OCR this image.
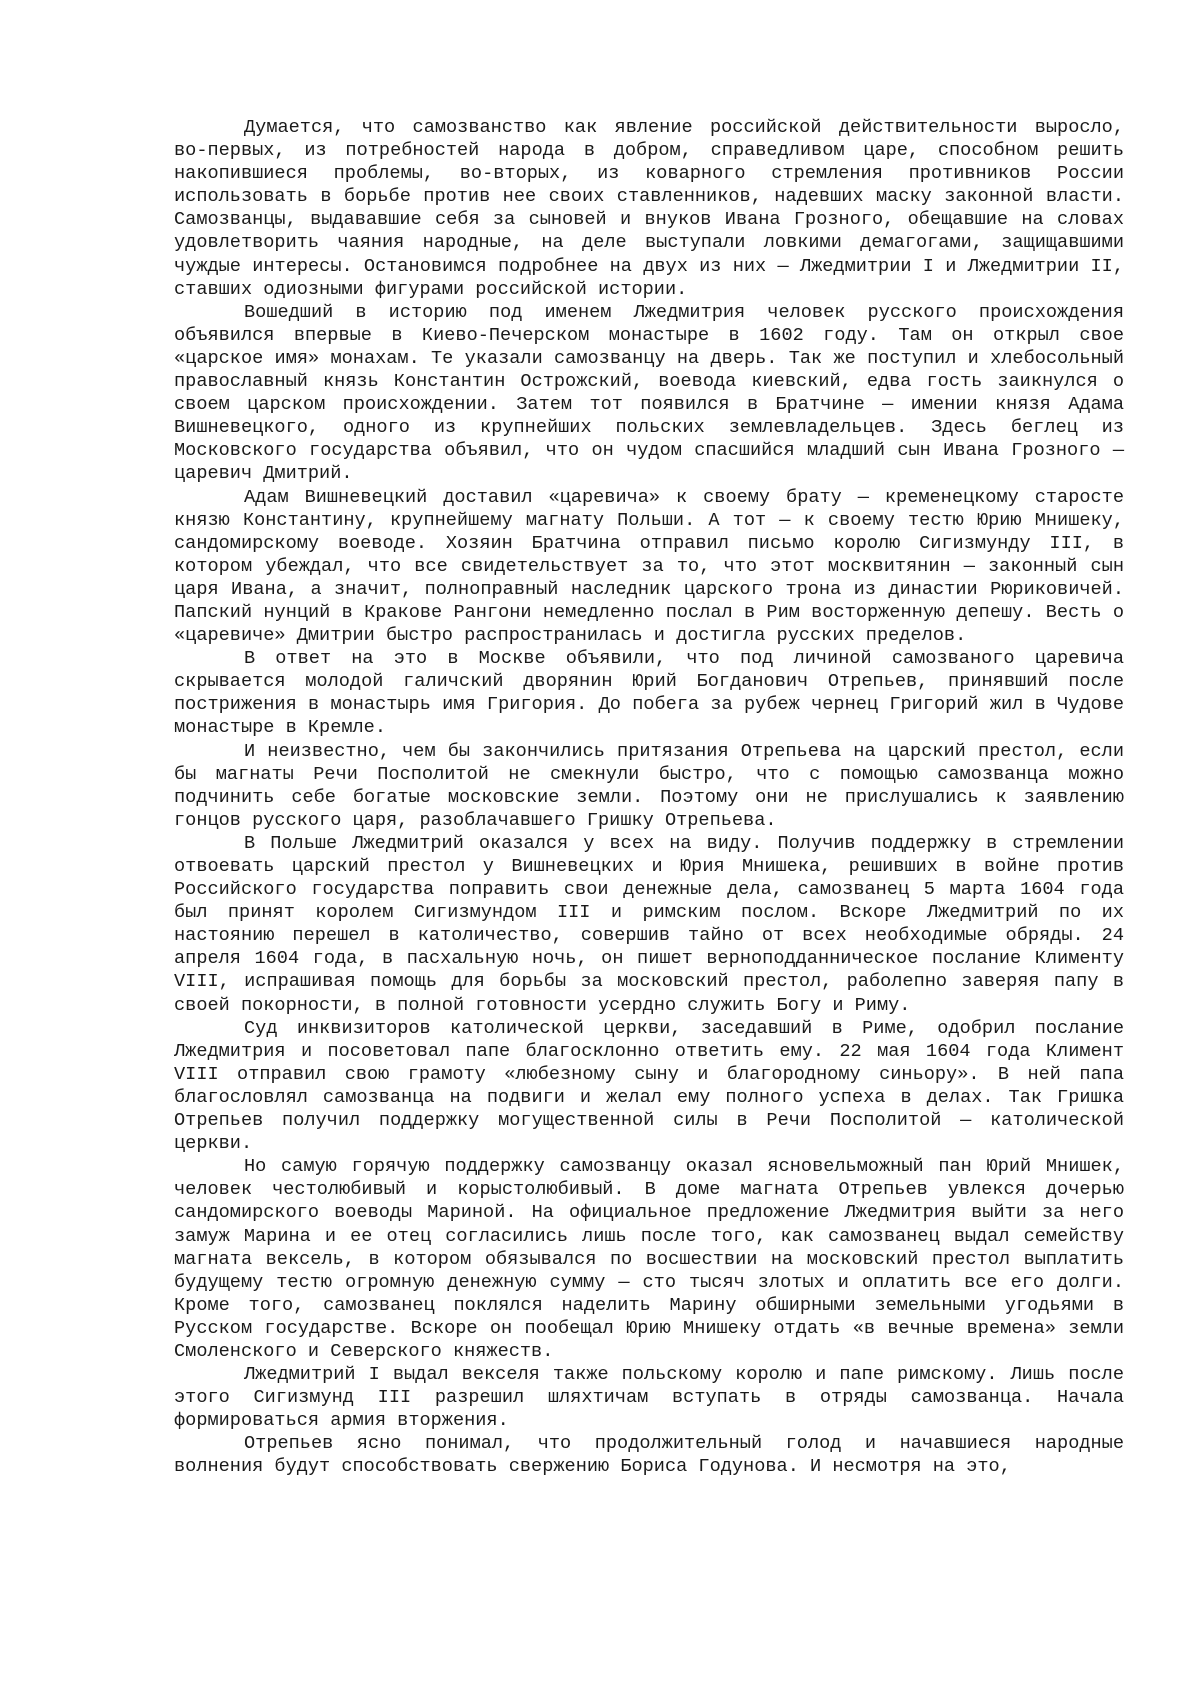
Думается, что самозванство как явление российской действительности выросло, во-первых, из потребностей народа в добром, справедливом царе, способном решить накопившиеся проблемы, во-вторых, из коварного стремления противников России использовать в борьбе против нее своих ставленников, надевших маску законной власти. Самозванцы, выдававшие себя за сыновей и внуков Ивана Грозного, обещавшие на словах удовлетворить чаяния народные, на деле выступали ловкими демагогами, защищавшими чуждые интересы. Остановимся подробнее на двух из них — Лжедмитрии I и Лжедмитрии II, ставших одиозными фигурами российской истории.

Вошедший в историю под именем Лжедмитрия человек русского происхождения объявился впервые в Киево-Печерском монастыре в 1602 году. Там он открыл свое «царское имя» монахам. Те указали самозванцу на дверь. Так же поступил и хлебосольный православный князь Константин Острожский, воевода киевский, едва гость заикнулся о своем царском происхождении. Затем тот появился в Братчине — имении князя Адама Вишневецкого, одного из крупнейших польских землевладельцев. Здесь беглец из Московского государства объявил, что он чудом спасшийся младший сын Ивана Грозного — царевич Дмитрий.

Адам Вишневецкий доставил «царевича» к своему брату — кременецкому старосте князю Константину, крупнейшему магнату Польши. А тот — к своему тестю Юрию Мнишеку, сандомирскому воеводе. Хозяин Братчина отправил письмо королю Сигизмунду III, в котором убеждал, что все свидетельствует за то, что этот москвитянин — законный сын царя Ивана, а значит, полноправный наследник царского трона из династии Рюриковичей. Папский нунций в Кракове Рангони немедленно послал в Рим восторженную депешу. Весть о «царевиче» Дмитрии быстро распространилась и достигла русских пределов.

В ответ на это в Москве объявили, что под личиной самозваного царевича скрывается молодой галичский дворянин Юрий Богданович Отрепьев, принявший после пострижения в монастырь имя Григория. До побега за рубеж чернец Григорий жил в Чудове монастыре в Кремле.

И неизвестно, чем бы закончились притязания Отрепьева на царский престол, если бы магнаты Речи Посполитой не смекнули быстро, что с помощью самозванца можно подчинить себе богатые московские земли. Поэтому они не прислушались к заявлению гонцов русского царя, разоблачавшего Гришку Отрепьева.

В Польше Лжедмитрий оказался у всех на виду. Получив поддержку в стремлении отвоевать царский престол у Вишневецких и Юрия Мнишека, решивших в войне против Российского государства поправить свои денежные дела, самозванец 5 марта 1604 года был принят королем Сигизмундом III и римским послом. Вскоре Лжедмитрий по их настоянию перешел в католичество, совершив тайно от всех необходимые обряды. 24 апреля 1604 года, в пасхальную ночь, он пишет верноподданническое послание Клименту VIII, испрашивая помощь для борьбы за московский престол, раболепно заверяя папу в своей покорности, в полной готовности усердно служить Богу и Риму.

Суд инквизиторов католической церкви, заседавший в Риме, одобрил послание Лжедмитрия и посоветовал папе благосклонно ответить ему. 22 мая 1604 года Климент VIII отправил свою грамоту «любезному сыну и благородному синьору». В ней папа благословлял самозванца на подвиги и желал ему полного успеха в делах. Так Гришка Отрепьев получил поддержку могущественной силы в Речи Посполитой — католической церкви.

Но самую горячую поддержку самозванцу оказал ясновельможный пан Юрий Мнишек, человек честолюбивый и корыстолюбивый. В доме магната Отрепьев увлекся дочерью сандомирского воеводы Мариной. На официальное предложение Лжедмитрия выйти за него замуж Марина и ее отец согласились лишь после того, как самозванец выдал семейству магната вексель, в котором обязывался по восшествии на московский престол выплатить будущему тестю огромную денежную сумму — сто тысяч злотых и оплатить все его долги. Кроме того, самозванец поклялся наделить Марину обширными земельными угодьями в Русском государстве. Вскоре он пообещал Юрию Мнишеку отдать «в вечные времена» земли Смоленского и Северского княжеств.

Лжедмитрий I выдал векселя также польскому королю и папе римскому. Лишь после этого Сигизмунд III разрешил шляхтичам вступать в отряды самозванца. Начала формироваться армия вторжения.

Отрепьев ясно понимал, что продолжительный голод и начавшиеся народные волнения будут способствовать свержению Бориса Годунова. И несмотря на это,
